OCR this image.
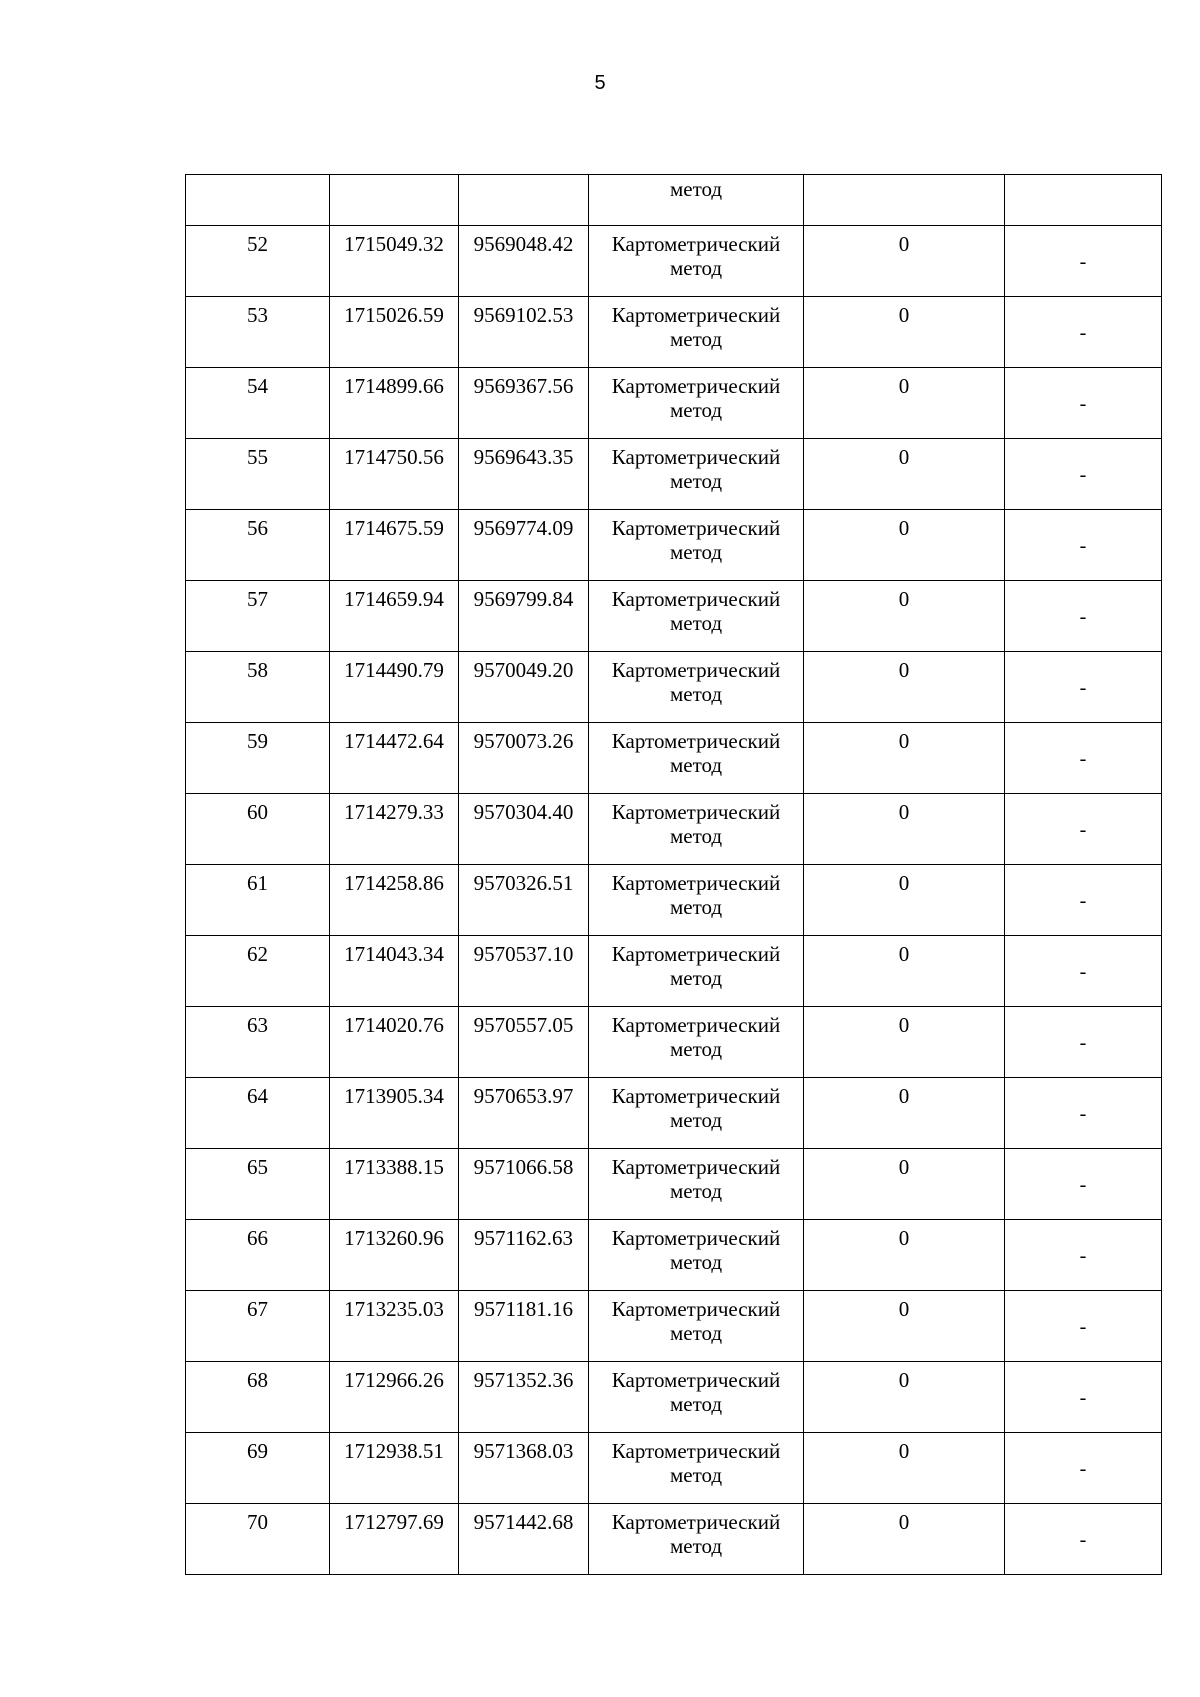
5

			метод		

52	1715049.32	9569048.42	Картометрический
метод	0	-

53	1715026.59	9569102.53	Картометрический
метод	0	-

54	1714899.66	9569367.56	Картометрический
метод	0	-

55	1714750.56	9569643.35	Картометрический
метод	0	-

56	1714675.59	9569774.09	Картометрический
метод	0	-

57	1714659.94	9569799.84	Картометрический
метод	0	-

58	1714490.79	9570049.20	Картометрический
метод	0	-

59	1714472.64	9570073.26	Картометрический
метод	0	-

60	1714279.33	9570304.40	Картометрический
метод	0	-

61	1714258.86	9570326.51	Картометрический
метод	0	-

62	1714043.34	9570537.10	Картометрический
метод	0	-

63	1714020.76	9570557.05	Картометрический
метод	0	-

64	1713905.34	9570653.97	Картометрический
метод	0	-

65	1713388.15	9571066.58	Картометрический
метод	0	-

66	1713260.96	9571162.63	Картометрический
метод	0	-

67	1713235.03	9571181.16	Картометрический
метод	0	-

68	1712966.26	9571352.36	Картометрический
метод	0	-

69	1712938.51	9571368.03	Картометрический
метод	0	-

70	1712797.69	9571442.68	Картометрический
метод	0	-
